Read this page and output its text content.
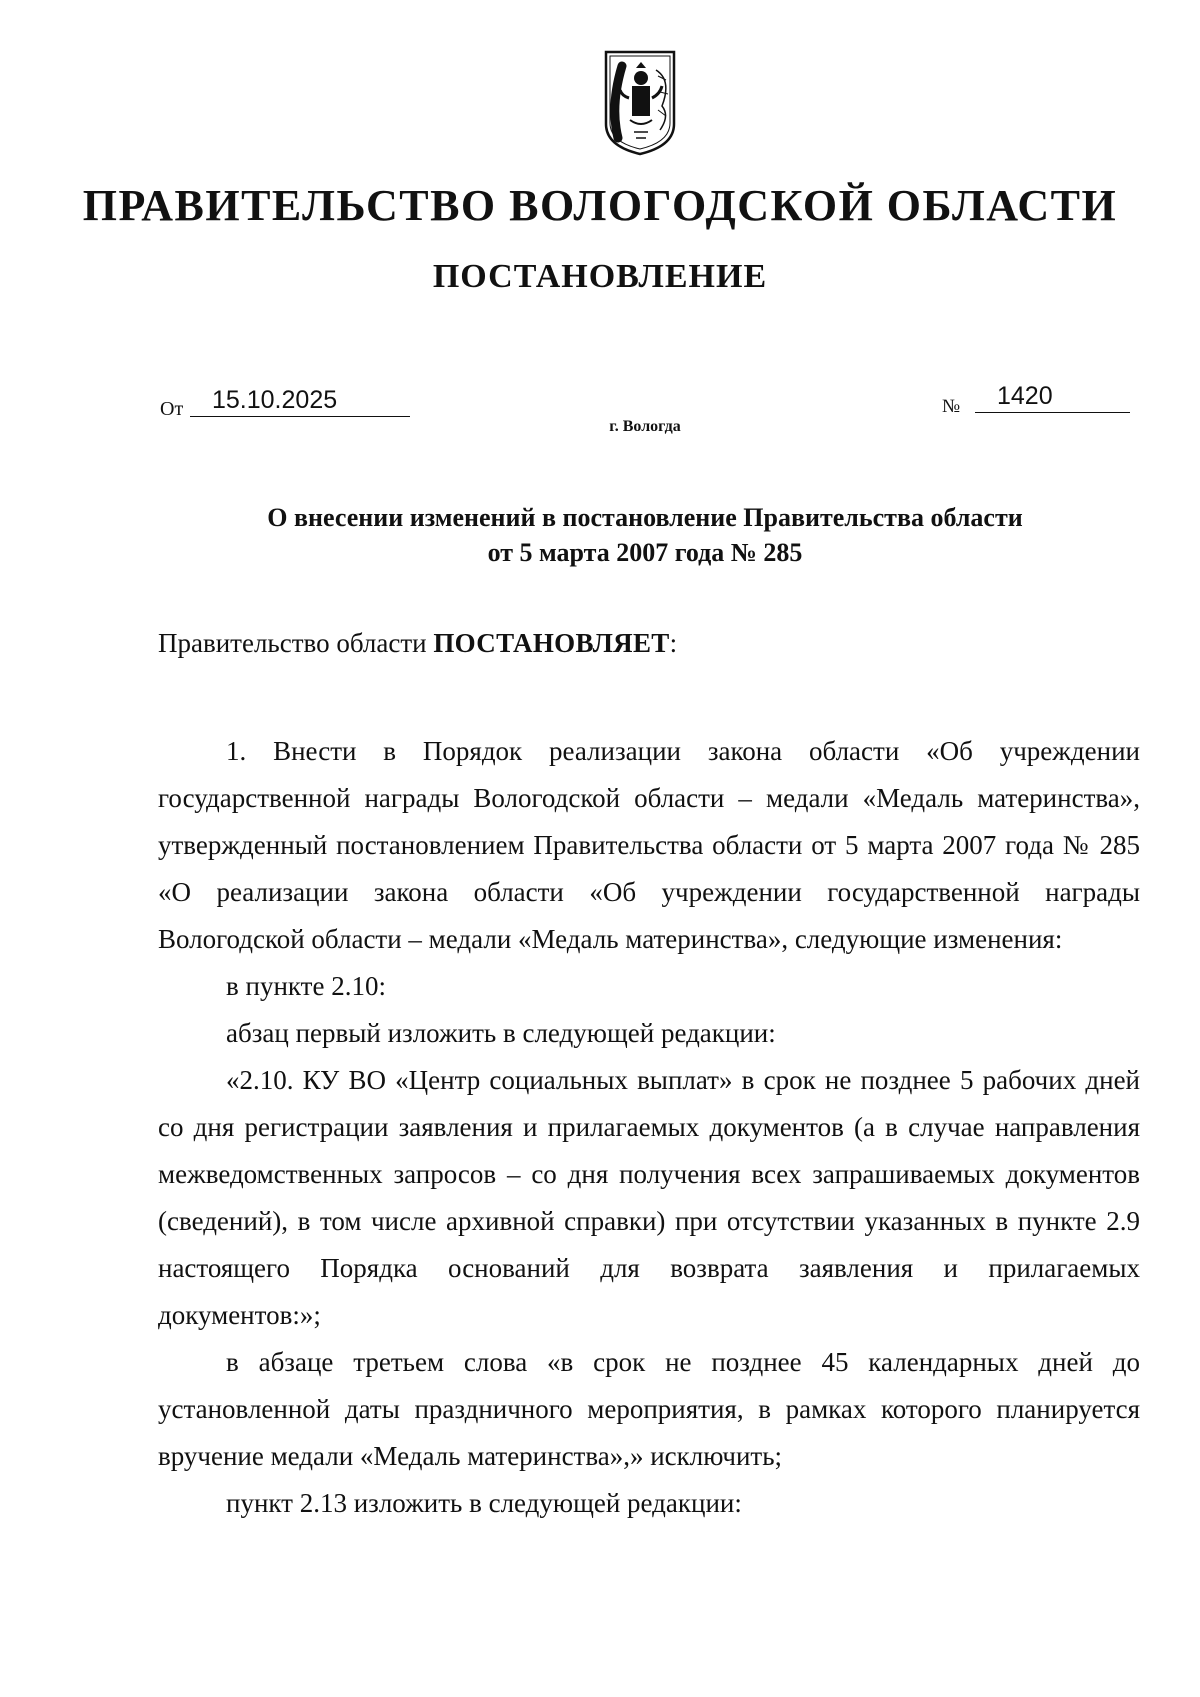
ПРАВИТЕЛЬСТВО ВОЛОГОДСКОЙ ОБЛАСТИ
ПОСТАНОВЛЕНИЕ
От	15.10.2025	№	1420
г. Вологда
О внесении изменений в постановление Правительства области
от 5 марта 2007 года № 285
Правительство области ПОСТАНОВЛЯЕТ:

1. Внести в Порядок реализации закона области «Об учреждении государственной награды Вологодской области – медали «Медаль материнства», утвержденный постановлением Правительства области от 5 марта 2007 года № 285 «О реализации закона области «Об учреждении государственной награды Вологодской области – медали «Медаль материнства», следующие изменения:

в пункте 2.10:

абзац первый изложить в следующей редакции:

«2.10. КУ ВО «Центр социальных выплат» в срок не позднее 5 рабочих дней со дня регистрации заявления и прилагаемых документов (а в случае направления межведомственных запросов – со дня получения всех запрашиваемых документов (сведений), в том числе архивной справки) при отсутствии указанных в пункте 2.9 настоящего Порядка оснований для возврата заявления и прилагаемых документов:»;

в абзаце третьем слова «в срок не позднее 45 календарных дней до установленной даты праздничного мероприятия, в рамках которого планируется вручение медали «Медаль материнства»,» исключить;

пункт 2.13 изложить в следующей редакции:
